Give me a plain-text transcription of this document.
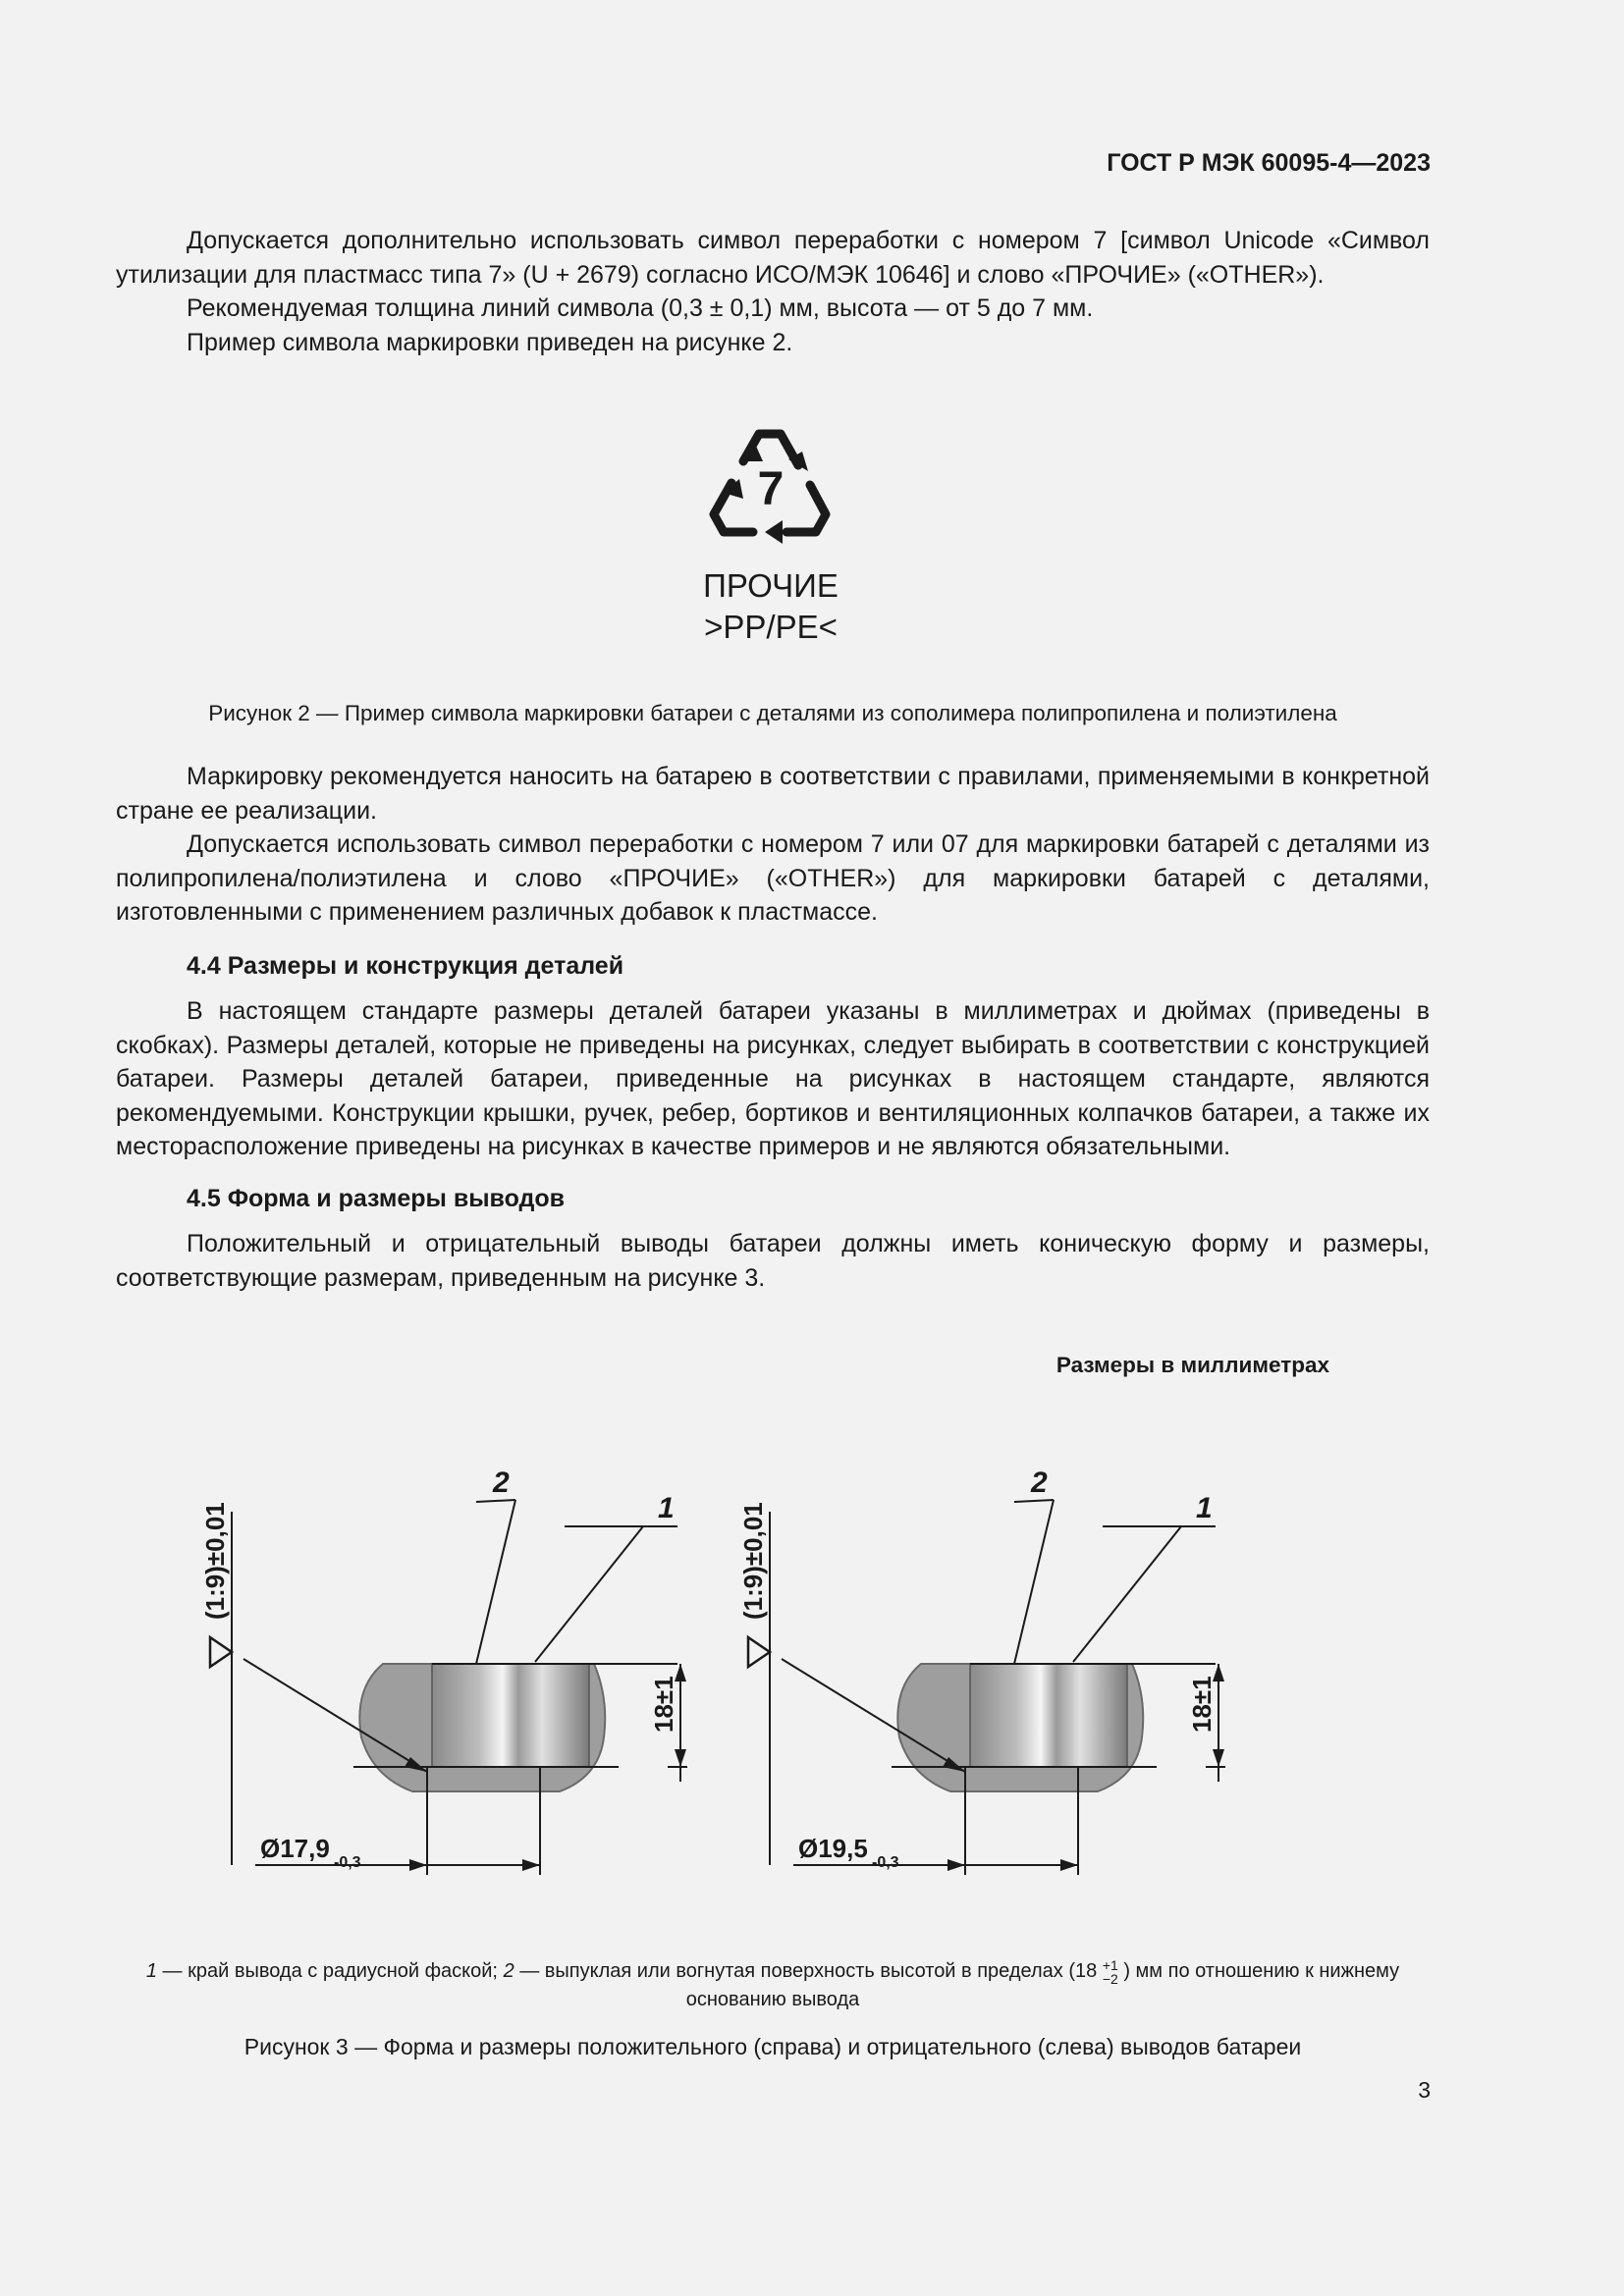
ГОСТ Р МЭК 60095-4—2023

Допускается дополнительно использовать символ переработки с номером 7 [символ Unicode «Символ утилизации для пластмасс типа 7» (U + 2679) согласно ИСО/МЭК 10646] и слово «ПРОЧИЕ» («OTHER»).

Рекомендуемая толщина линий символа (0,3 ± 0,1) мм, высота — от 5 до 7 мм.

Пример символа маркировки приведен на рисунке 2.

7
ПРОЧИЕ
>PP/PE<
Рисунок 2 — Пример символа маркировки батареи с деталями из сополимера полипропилена и полиэтилена

Маркировку рекомендуется наносить на батарею в соответствии с правилами, применяемыми в конкретной стране ее реализации.

Допускается использовать символ переработки с номером 7 или 07 для маркировки батарей с деталями из полипропилена/полиэтилена и слово «ПРОЧИЕ» («OTHER») для маркировки батарей с деталями, изготовленными с применением различных добавок к пластмассе.

4.4 Размеры и конструкция деталей

В настоящем стандарте размеры деталей батареи указаны в миллиметрах и дюймах (приведены в скобках). Размеры деталей, которые не приведены на рисунках, следует выбирать в соответствии с конструкцией батареи. Размеры деталей батареи, приведенные на рисунках в настоящем стандарте, являются рекомендуемыми. Конструкции крышки, ручек, ребер, бортиков и вентиляционных колпачков батареи, а также их месторасположение приведены на рисунках в качестве примеров и не являются обязательными.

4.5 Форма и размеры выводов

Положительный и отрицательный выводы батареи должны иметь коническую форму и размеры, соответствующие размерам, приведенным на рисунке 3.

Размеры в миллиметрах
18±1
(1:9)±0,01
Ø17,9 -0,3
2
1
18±1
(1:9)±0,01
Ø19,5 -0,3
2
1
1 — край вывода с радиусной фаской; 2 — выпуклая или вогнутая поверхность высотой в пределах (18 +1
−2 ) мм по отношению к нижнему основанию вывода
Рисунок 3 — Форма и размеры положительного (справа) и отрицательного (слева) выводов батареи
3
